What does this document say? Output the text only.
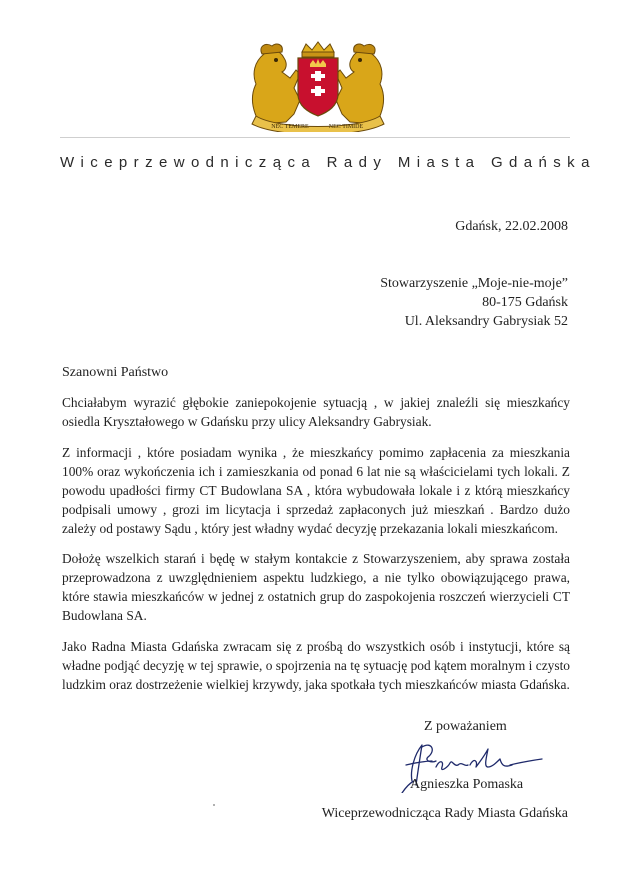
NEC TEMERE	NEC TIMIDE
Wiceprzewodnicząca Rady Miasta Gdańska
Gdańsk, 22.02.2008
Stowarzyszenie „Moje-nie-moje”
80-175 Gdańsk
Ul. Aleksandry Gabrysiak 52
Szanowni Państwo

Chciałabym wyrazić głębokie zaniepokojenie sytuacją , w jakiej znaleźli się mieszkańcy osiedla Kryształowego w Gdańsku przy ulicy Aleksandry Gabrysiak.

Z informacji , które posiadam wynika , że mieszkańcy pomimo zapłacenia za mieszkania 100% oraz wykończenia ich i zamieszkania od ponad 6 lat nie są właścicielami tych lokali. Z powodu upadłości firmy CT Budowlana SA , która wybudowała lokale i z którą mieszkańcy podpisali umowy , grozi im licytacja i sprzedaż zapłaconych już mieszkań . Bardzo dużo zależy od postawy Sądu , który jest władny wydać decyzję przekazania lokali mieszkańcom.

Dołożę wszelkich starań i będę w stałym kontakcie z Stowarzyszeniem, aby sprawa została przeprowadzona z uwzględnieniem aspektu ludzkiego, a nie tylko obowiązującego prawa, które stawia mieszkańców w jednej z ostatnich grup do zaspokojenia roszczeń wierzycieli CT Budowlana SA.

Jako Radna Miasta Gdańska zwracam się z prośbą do wszystkich osób i instytucji, które są władne podjąć decyzję w tej sprawie, o spojrzenia na tę sytuację pod kątem moralnym i czysto ludzkim oraz dostrzeżenie wielkiej krzywdy, jaka spotkała tych mieszkańców miasta Gdańska.

Z poważaniem
Agnieszka Pomaska
Wiceprzewodnicząca Rady Miasta Gdańska
